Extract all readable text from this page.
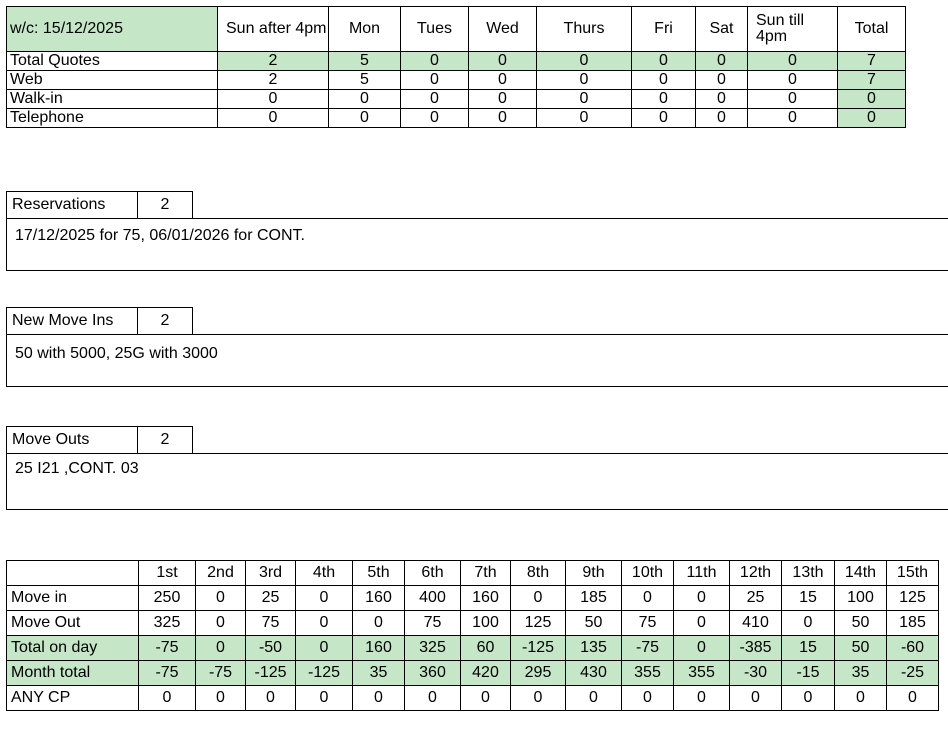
w/c: 15/12/2025	Sun after 4pm	Mon	Tues	Wed	Thurs	Fri	Sat	Sun till 4pm	Total
Total Quotes	2	5	0	0	0	0	0	0	7
Web	2	5	0	0	0	0	0	0	7
Walk-in	0	0	0	0	0	0	0	0	0
Telephone	0	0	0	0	0	0	0	0	0
Reservations	2
17/12/2025 for 75, 06/01/2026 for CONT.
New Move Ins	2
50 with 5000, 25G with 3000
Move Outs	2
25 I21 ,CONT. 03
	1st	2nd	3rd	4th	5th	6th	7th	8th	9th	10th	11th	12th	13th	14th	15th
Move in	250	0	25	0	160	400	160	0	185	0	0	25	15	100	125
Move Out	325	0	75	0	0	75	100	125	50	75	0	410	0	50	185
Total on day	-75	0	-50	0	160	325	60	-125	135	-75	0	-385	15	50	-60
Month total	-75	-75	-125	-125	35	360	420	295	430	355	355	-30	-15	35	-25
ANY CP	0	0	0	0	0	0	0	0	0	0	0	0	0	0	0
